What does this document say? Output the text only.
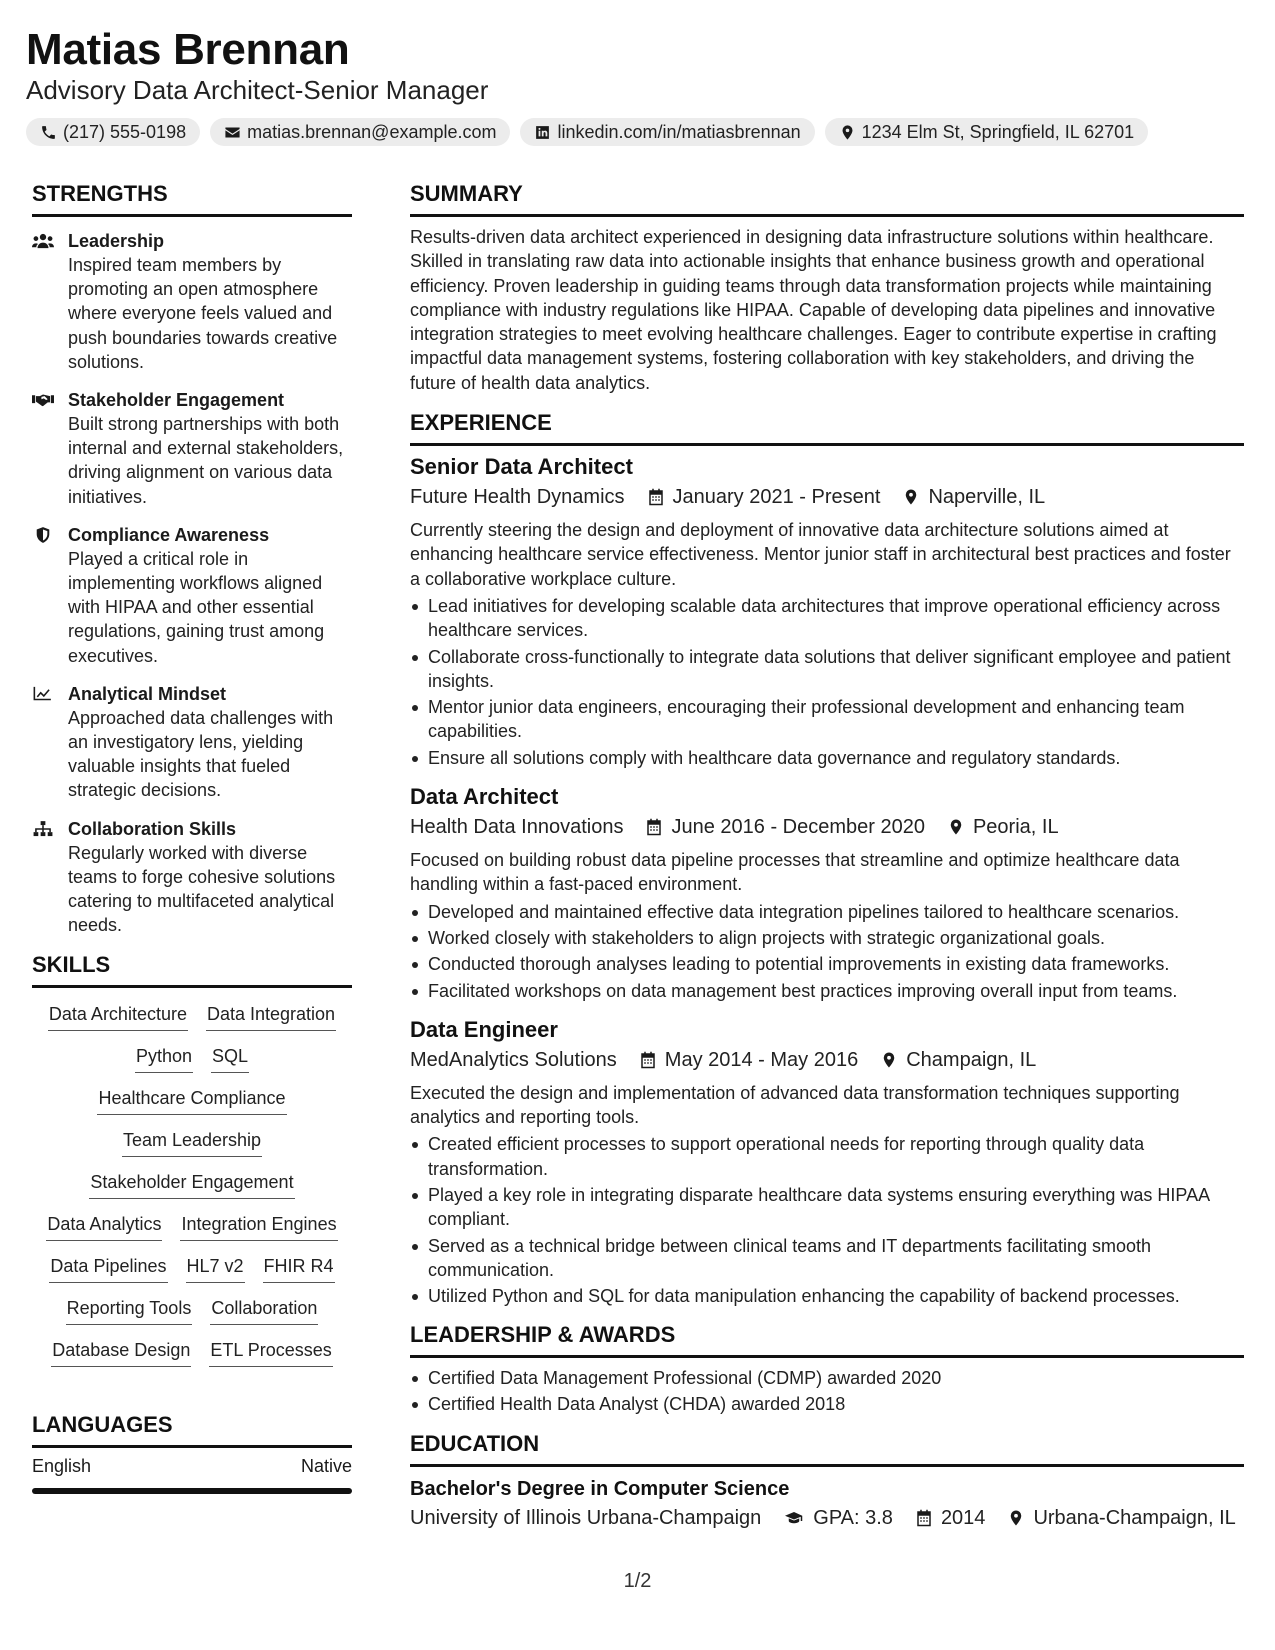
Matias Brennan
Advisory Data Architect-Senior Manager
(217) 555-0198	matias.brennan@example.com	linkedin.com/in/matiasbrennan	1234 Elm St, Springfield, IL 62701
STRENGTHS
Leadership
Inspired team members by promoting an open atmosphere where everyone feels valued and push boundaries towards creative solutions.
Stakeholder Engagement
Built strong partnerships with both internal and external stakeholders, driving alignment on various data initiatives.
Compliance Awareness
Played a critical role in implementing workflows aligned with HIPAA and other essential regulations, gaining trust among executives.
Analytical Mindset
Approached data challenges with an investigatory lens, yielding valuable insights that fueled strategic decisions.
Collaboration Skills
Regularly worked with diverse teams to forge cohesive solutions catering to multifaceted analytical needs.
SKILLS
Data Architecture Data Integration
Python SQL
Healthcare Compliance
Team Leadership
Stakeholder Engagement
Data Analytics Integration Engines
Data Pipelines HL7 v2 FHIR R4
Reporting Tools Collaboration
Database Design ETL Processes
LANGUAGES
English	Native
SUMMARY
Results-driven data architect experienced in designing data infrastructure solutions within healthcare. Skilled in translating raw data into actionable insights that enhance business growth and operational efficiency. Proven leadership in guiding teams through data transformation projects while maintaining compliance with industry regulations like HIPAA. Capable of developing data pipelines and innovative integration strategies to meet evolving healthcare challenges. Eager to contribute expertise in crafting impactful data management systems, fostering collaboration with key stakeholders, and driving the future of health data analytics.
EXPERIENCE
Senior Data Architect
Future Health Dynamics January 2021 - Present Naperville, IL
Currently steering the design and deployment of innovative data architecture solutions aimed at enhancing healthcare service effectiveness. Mentor junior staff in architectural best practices and foster a collaborative workplace culture.
Lead initiatives for developing scalable data architectures that improve operational efficiency across healthcare services.
Collaborate cross-functionally to integrate data solutions that deliver significant employee and patient insights.
Mentor junior data engineers, encouraging their professional development and enhancing team capabilities.
Ensure all solutions comply with healthcare data governance and regulatory standards.
Data Architect
Health Data Innovations June 2016 - December 2020 Peoria, IL
Focused on building robust data pipeline processes that streamline and optimize healthcare data handling within a fast-paced environment.
Developed and maintained effective data integration pipelines tailored to healthcare scenarios.
Worked closely with stakeholders to align projects with strategic organizational goals.
Conducted thorough analyses leading to potential improvements in existing data frameworks.
Facilitated workshops on data management best practices improving overall input from teams.
Data Engineer
MedAnalytics Solutions May 2014 - May 2016 Champaign, IL
Executed the design and implementation of advanced data transformation techniques supporting analytics and reporting tools.
Created efficient processes to support operational needs for reporting through quality data transformation.
Played a key role in integrating disparate healthcare data systems ensuring everything was HIPAA compliant.
Served as a technical bridge between clinical teams and IT departments facilitating smooth communication.
Utilized Python and SQL for data manipulation enhancing the capability of backend processes.
LEADERSHIP & AWARDS
Certified Data Management Professional (CDMP) awarded 2020
Certified Health Data Analyst (CHDA) awarded 2018
EDUCATION
Bachelor's Degree in Computer Science
University of Illinois Urbana-Champaign	GPA: 3.8 2014 Urbana-Champaign, IL
1/2
